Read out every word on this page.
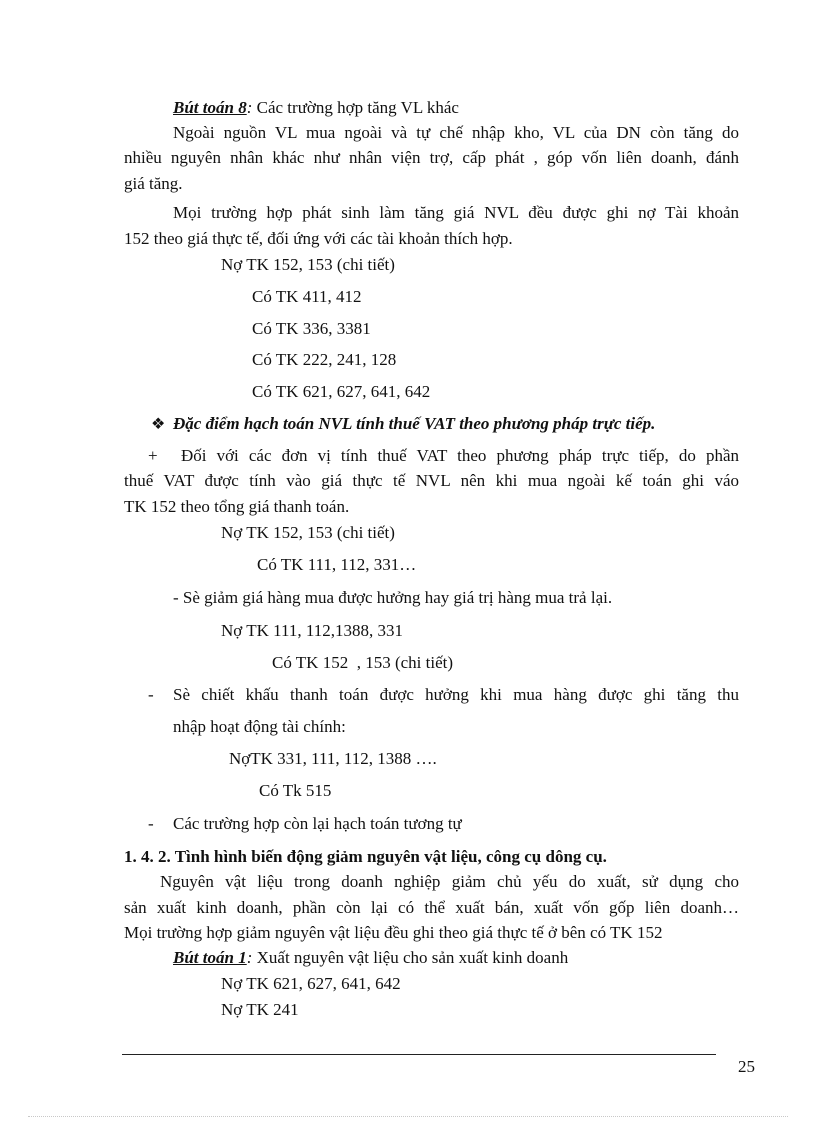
Bút toán 8: Các trường hợp tăng VL khác
Ngoài nguồn VL mua ngoài và tự chế nhập kho, VL của DN còn tăng do
nhiều nguyên nhân khác như nhân viện trợ, cấp phát , góp vốn liên doanh, đánh
giá tăng.
Mọi trường hợp phát sinh làm tăng giá NVL đều được ghi nợ Tài khoản
152 theo giá thực tế, đối ứng với các tài khoản thích hợp.
Nợ TK 152, 153 (chi tiết)
Có TK 411, 412
Có TK 336, 3381
Có TK 222, 241, 128
Có TK 621, 627, 641, 642
❖ Đặc điểm hạch toán NVL tính thuế VAT theo phương pháp trực tiếp.
+ Đối với các đơn vị tính thuế VAT theo phương pháp trực tiếp, do phần
thuế VAT được tính vào giá thực tế NVL nên khi mua ngoài kế toán ghi váo
TK 152 theo tổng giá thanh toán.
Nợ TK 152, 153 (chi tiết)
Có TK 111, 112, 331…
- Sè giảm giá hàng mua được hưởng hay giá trị hàng mua trả lại.
Nợ TK 111, 112,1388, 331
Có TK 152  , 153 (chi tiết)
- Sè chiết khấu thanh toán được hưởng khi mua hàng được ghi tăng thu
nhập hoạt động tài chính:
NợTK 331, 111, 112, 1388 ….
Có Tk 515
- Các trường hợp còn lại hạch toán tương tự
1. 4. 2. Tình hình biến động giảm nguyên vật liệu, công cụ dông cụ.
Nguyên vật liệu trong doanh nghiệp giảm chủ yếu do xuất, sử dụng cho
sản xuất kinh doanh, phần còn lại có thể xuất bán, xuất vốn gốp liên doanh…
Mọi trường hợp giảm nguyên vật liệu đều ghi theo giá thực tế ở bên có TK 152
Bút toán 1: Xuất nguyên vật liệu cho sản xuất kinh doanh
Nợ TK 621, 627, 641, 642
Nợ TK 241
25
